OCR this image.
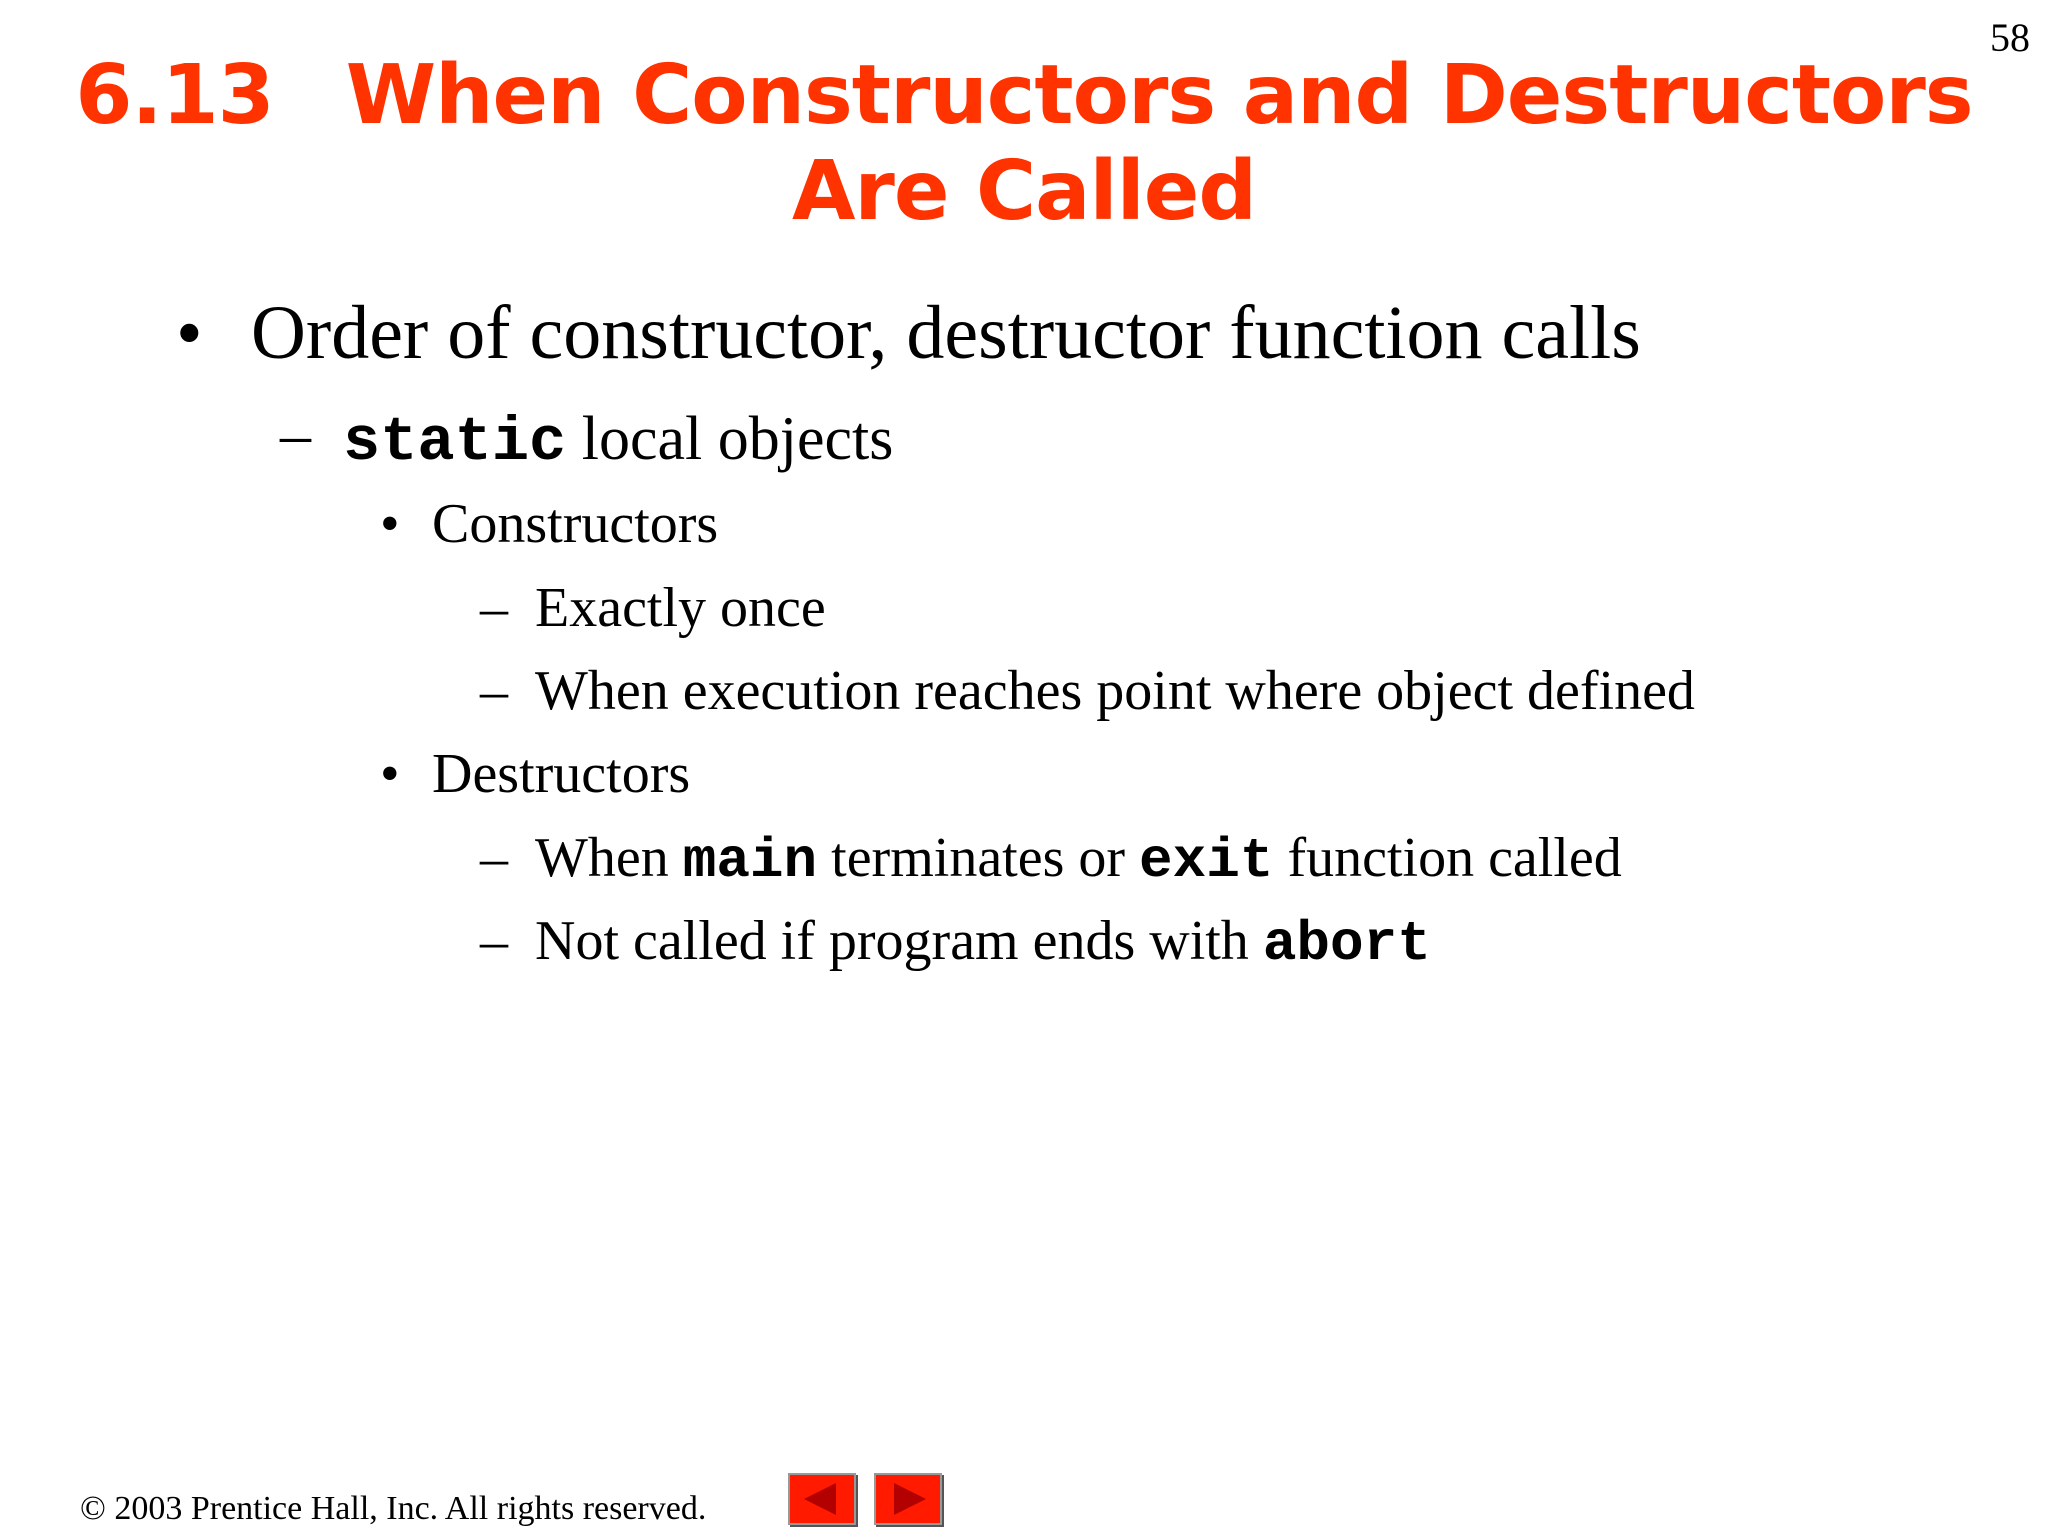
58
6.13 When Constructors and Destructors
Are Called
• Order of constructor, destructor function calls
– static local objects
• Constructors
– Exactly once
– When execution reaches point where object defined
• Destructors
– When main terminates or exit function called
– Not called if program ends with abort
© 2003 Prentice Hall, Inc. All rights reserved.
